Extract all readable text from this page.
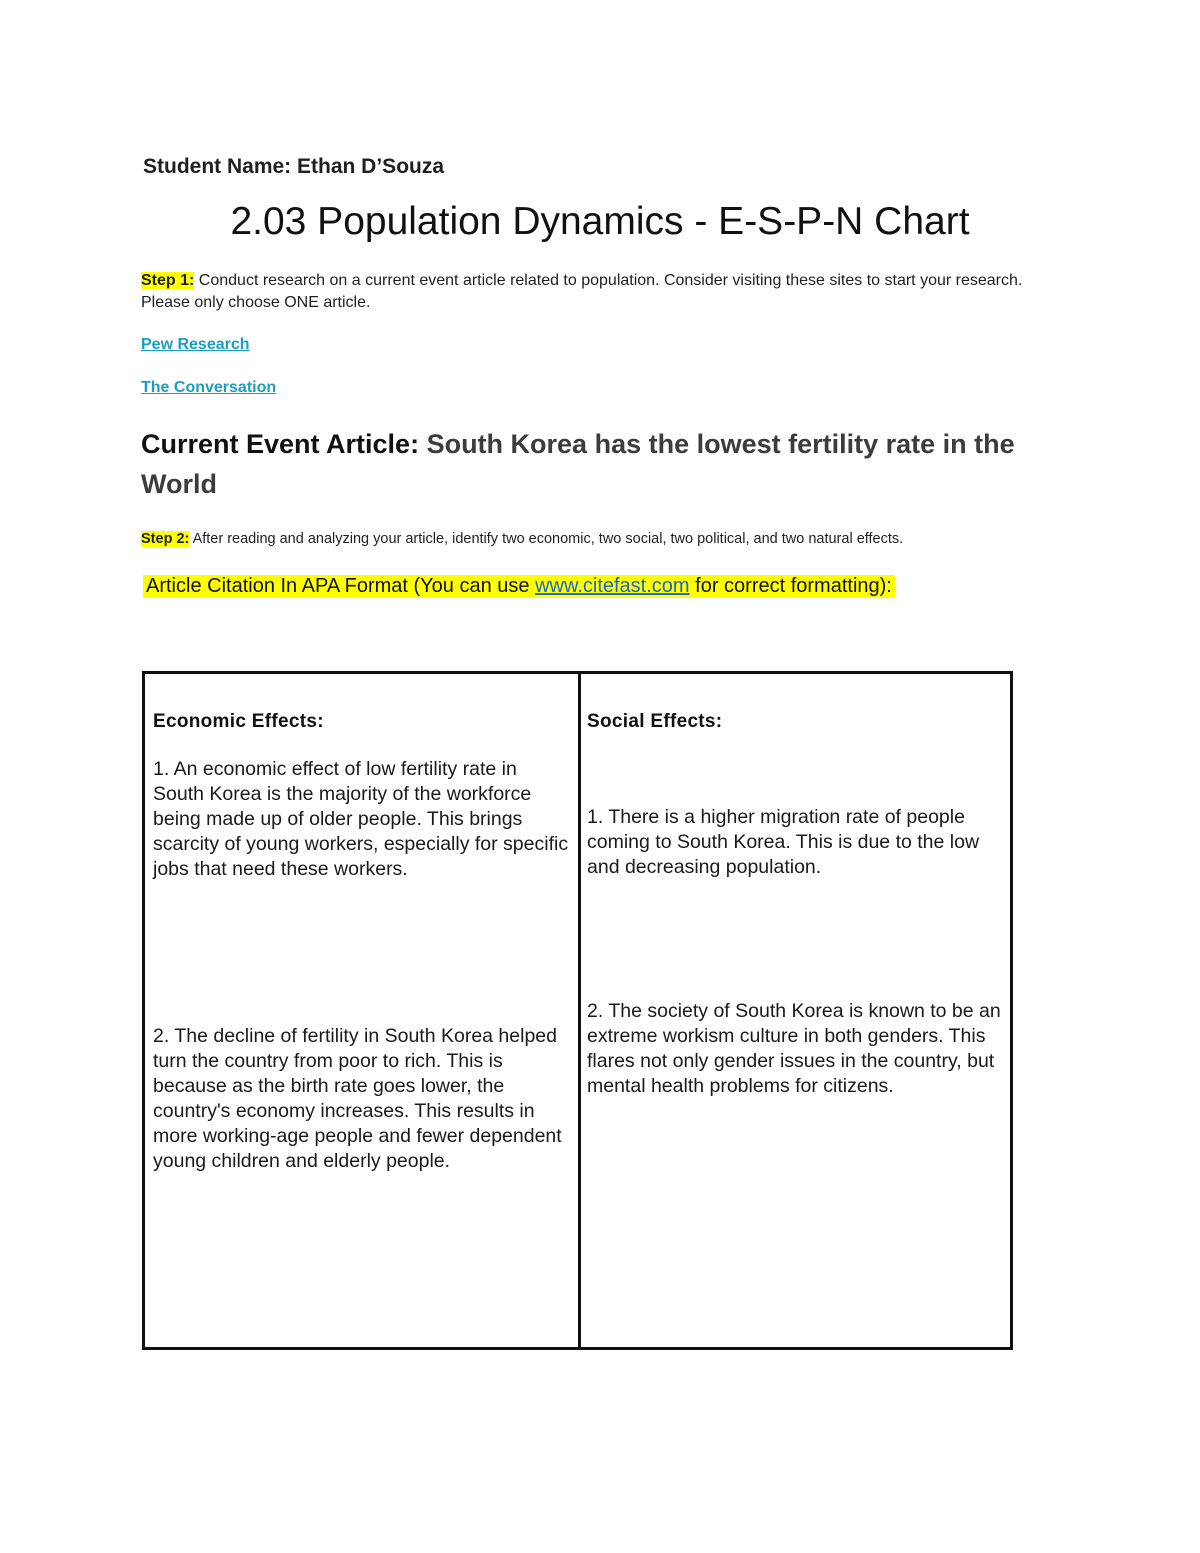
Student Name: Ethan D’Souza
2.03 Population Dynamics - E-S-P-N Chart
Step 1: Conduct research on a current event article related to population. Consider visiting these sites to start your research. Please only choose ONE article.
Pew Research
The Conversation
Current Event Article: South Korea has the lowest fertility rate in the World
Step 2: After reading and analyzing your article, identify two economic, two social, two political, and two natural effects.
Article Citation In APA Format (You can use www.citefast.com for correct formatting):
Economic Effects:
1. An economic effect of low fertility rate in South Korea is the majority of the workforce being made up of older people. This brings scarcity of young workers, especially for specific jobs that need these workers.
2. The decline of fertility in South Korea helped turn the country from poor to rich. This is because as the birth rate goes lower, the country's economy increases. This results in more working-age people and fewer dependent young children and elderly people.
Social Effects:
1. There is a higher migration rate of people coming to South Korea. This is due to the low and decreasing population.
2. The society of South Korea is known to be an extreme workism culture in both genders. This flares not only gender issues in the country, but mental health problems for citizens.
